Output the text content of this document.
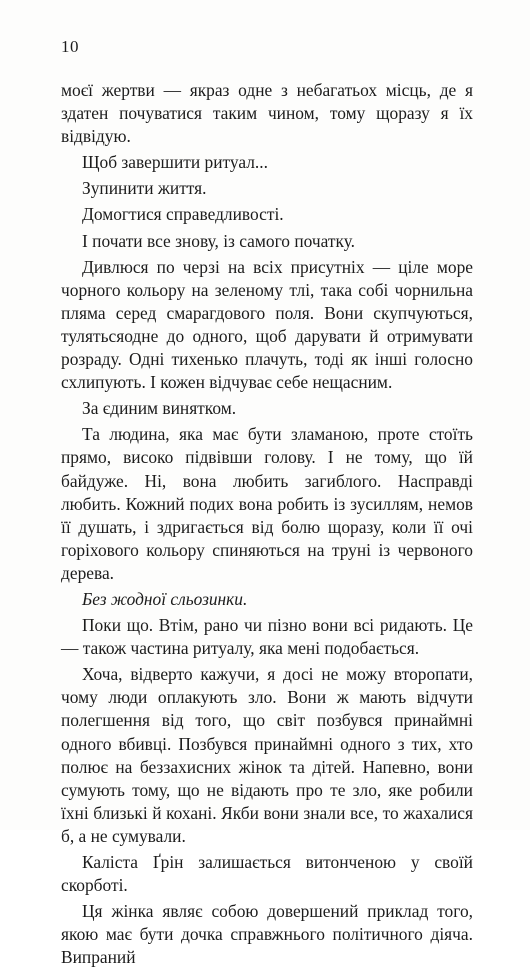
10

моєї жертви — якраз одне з небагатьох місць, де я здатен почуватися таким чином, тому щоразу я їх відвідую.

Щоб завершити ритуал...

Зупинити життя.

Домогтися справедливості.

І почати все знову, із самого початку.

Дивлюся по черзі на всіх присутніх — ціле море чорного кольору на зеленому тлі, така собі чорнильна пляма серед смарагдового поля. Вони скупчуються, тулятьсяодне до одного, щоб дарувати й отримувати розраду. Одні тихенько плачуть, тоді як інші голосно схлипують. І кожен відчуває себе нещасним.

За єдиним винятком.

Та людина, яка має бути зламаною, проте стоїть прямо, високо підвівши голову. І не тому, що їй байдуже. Ні, вона любить загиблого. Насправді любить. Кожний подих вона робить із зусиллям, немов її душать, і здригається від болю щоразу, коли її очі горіхового кольору спиняються на труні із червоного дерева.

Без жодної сльозинки.

Поки що. Втім, рано чи пізно вони всі ридають. Це — також частина ритуалу, яка мені подобається.

Хоча, відверто кажучи, я досі не можу второпати, чому люди оплакують зло. Вони ж мають відчути полегшення від того, що світ позбувся принаймні одного вбивці. Позбувся принаймні одного з тих, хто полює на беззахисних жінок та дітей. Напевно, вони сумують тому, що не відають про те зло, яке робили їхні близькі й кохані. Якби вони знали все, то жахалися б, а не сумували.

Каліста Ґрін залишається витонченою у своїй скорботі.

Ця жінка являє собою довершений приклад того, якою має бути дочка справжнього політичного діяча. Випраний
